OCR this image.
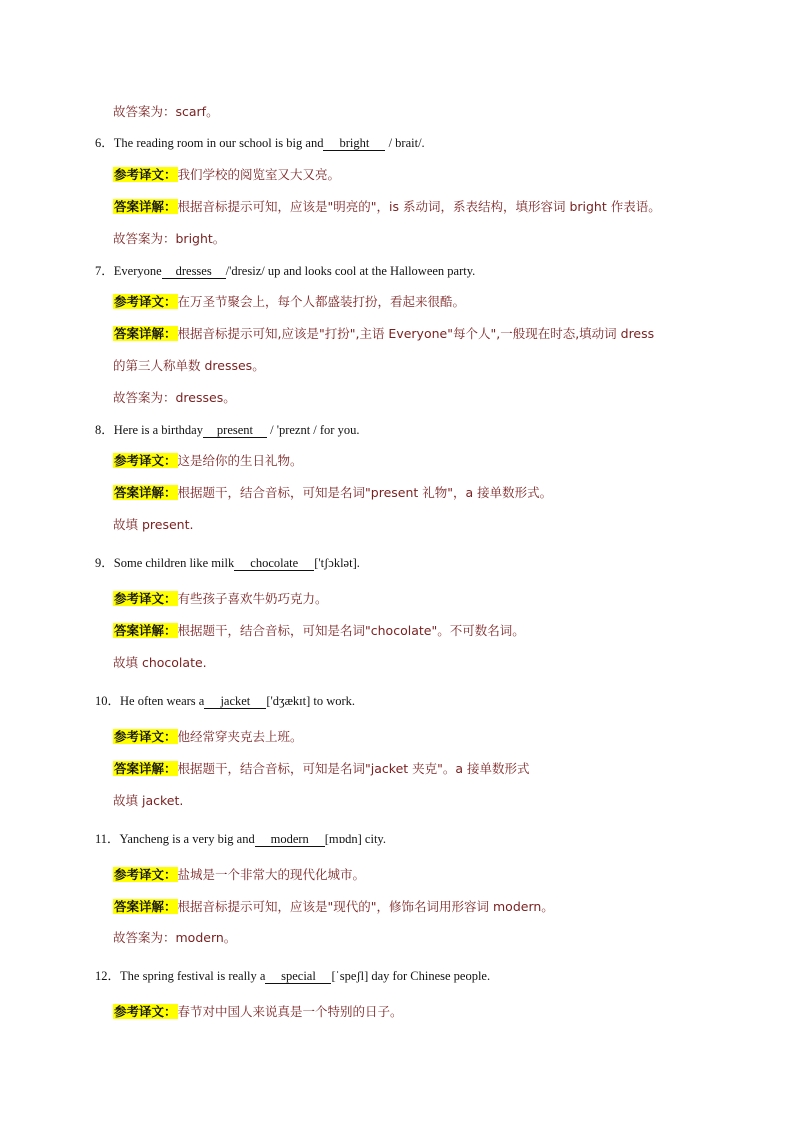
故答案为：scarf。
6．The reading room in our school is big and bright / brait/.
参考译文：我们学校的阅览室又大又亮。
答案详解：根据音标提示可知，应该是"明亮的"，is 系动词，系表结构，填形容词 bright 作表语。
故答案为：bright。
7．Everyone dresses /'dresiz/ up and looks cool at the Halloween party.
参考译文：在万圣节聚会上，每个人都盛装打扮，看起来很酷。
答案详解：根据音标提示可知,应该是"打扮",主语 Everyone"每个人",一般现在时态,填动词 dress
的第三人称单数 dresses。
故答案为：dresses。
8．Here is a birthday present / 'preznt / for you.
参考译文：这是给你的生日礼物。
答案详解：根据题干，结合音标，可知是名词"present 礼物"，a 接单数形式。
故填 present.
9．Some children like milk chocolate ['tʃɔklət].
参考译文：有些孩子喜欢牛奶巧克力。
答案详解：根据题干，结合音标，可知是名词"chocolate"。不可数名词。
故填 chocolate.
10．He often wears a jacket ['dʒækɪt] to work.
参考译文：他经常穿夹克去上班。
答案详解：根据题干，结合音标，可知是名词"jacket 夹克"。a 接单数形式
故填 jacket.
11．Yancheng is a very big and modern [mɒdn] city.
参考译文：盐城是一个非常大的现代化城市。
答案详解：根据音标提示可知，应该是"现代的"，修饰名词用形容词 modern。
故答案为：modern。
12．The spring festival is really a special [ˈspeʃl] day for Chinese people.
参考译文：春节对中国人来说真是一个特别的日子。
